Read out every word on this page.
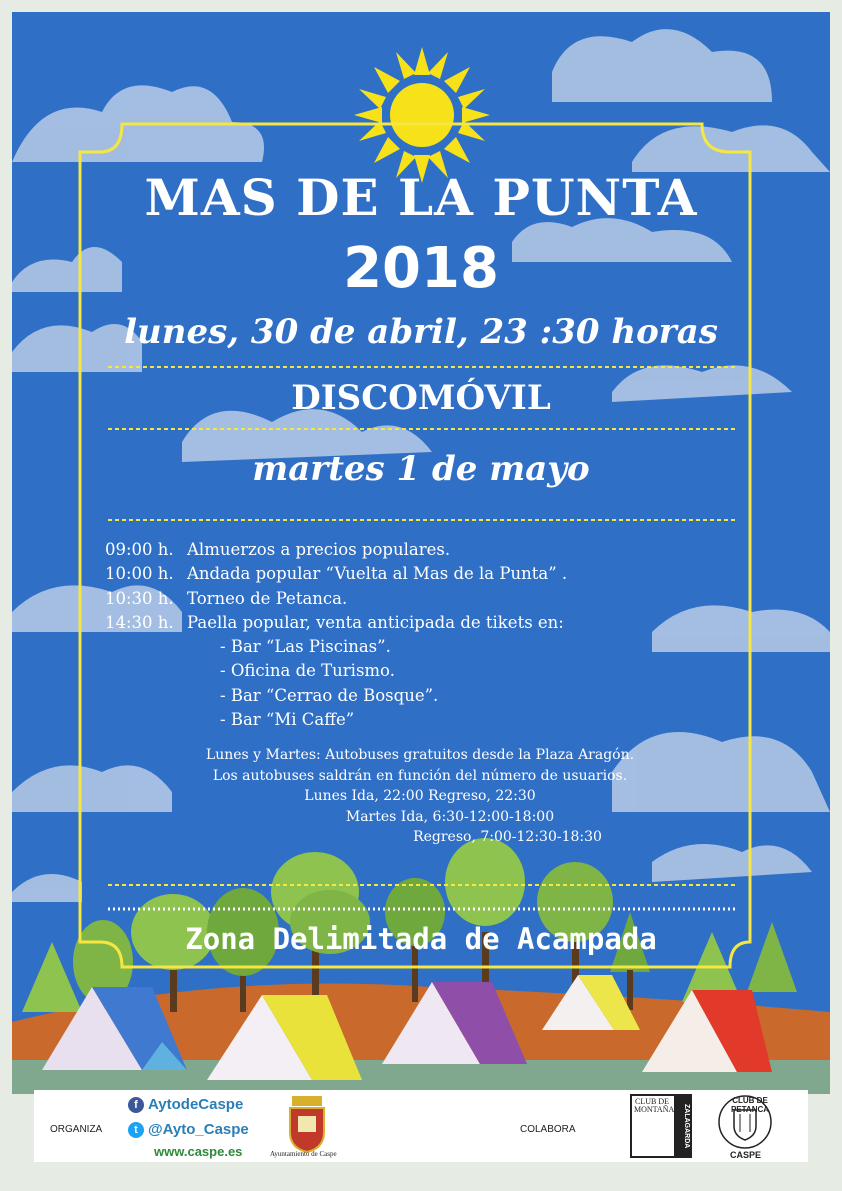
MAS DE LA PUNTA
2018
lunes, 30 de abril, 23 :30 horas
DISCOMÓVIL
martes 1 de mayo
09:00 h. Almuerzos a precios populares.
10:00 h. Andada popular “Vuelta al Mas de la Punta” .
10:30 h. Torneo de Petanca.
14:30 h. Paella popular, venta anticipada de tikets en:
- Bar “Las Piscinas”.
- Oficina de Turismo.
- Bar “Cerrao de Bosque”.
- Bar “Mi Caffe”
Lunes y Martes: Autobuses gratuitos desde la Plaza Aragón.
Los autobuses saldrán en función del número de usuarios.
Lunes Ida, 22:00 Regreso, 22:30
Martes Ida, 6:30-12:00-18:00
Regreso, 7:00-12:30-18:30
Zona Delimitada de Acampada
ORGANIZA
f AytodeCaspe
t @Ayto_Caspe
www.caspe.es	Ayuntamiento de Caspe
COLABORA
CLUB DE MONTAÑA	ZALAGARDA
CLUB DE PETANCA
CASPE
